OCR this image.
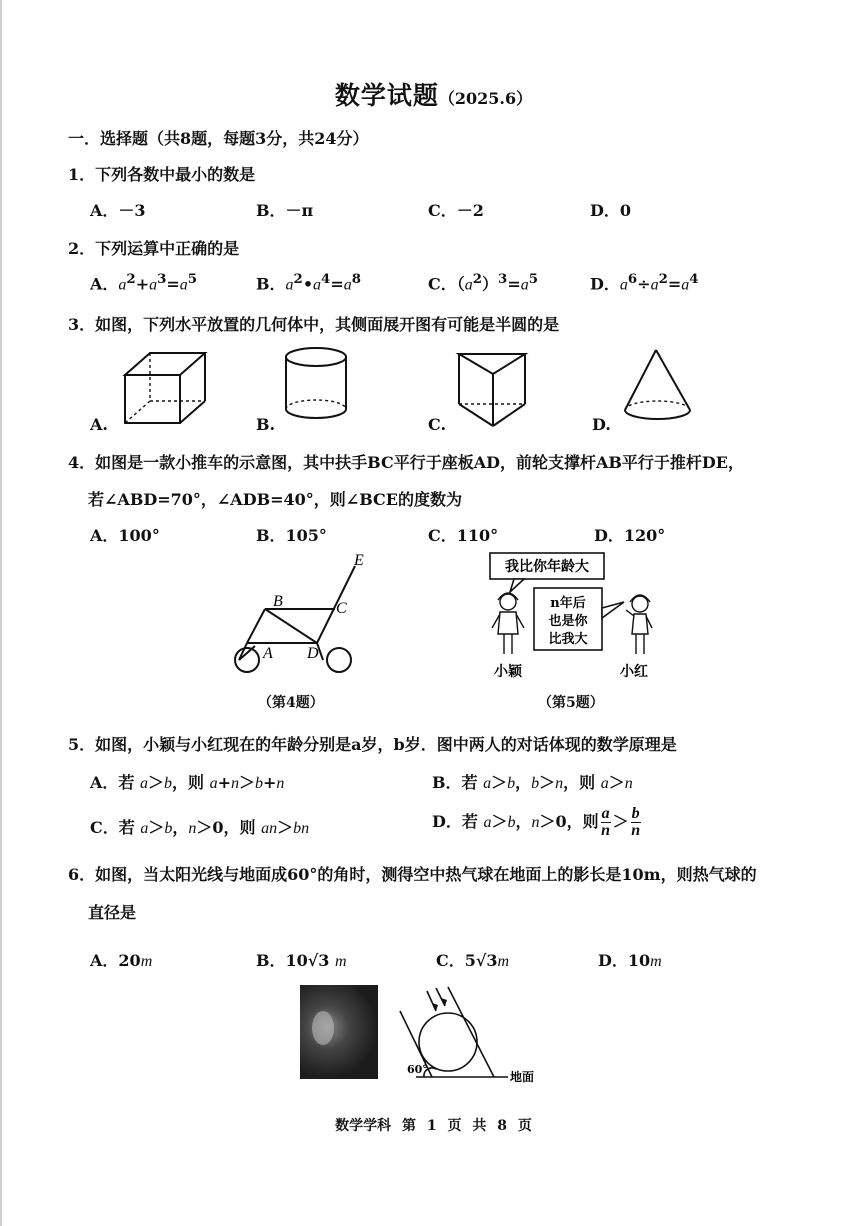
数学试题（2025.6）
一．选择题（共8题，每题3分，共24分）
1．下列各数中最小的数是
A．－3	B．－π	C．－2	D．0
2．下列运算中正确的是
A．$a^2+a^3=a^5$	B．$a^2•a^4=a^8$	C．$(a^2)^3=a^5$	D．$a^6\div a^2=a^4$
3．如图，下列水平放置的几何体中，其侧面展开图有可能是半圆的是
A.	B.	C.	D.
4．如图是一款小推车的示意图，其中扶手BC平行于座板AD，前轮支撑杆AB平行于推杆DE，
若∠ABD=70°，∠ADB=40°，则∠BCE的度数为
A．100°	B．105°	C．110°	D．120°
B	C
A D
E
（第4题）
我比你年龄大
n年后
也是你
比我大
小颖	小红
（第5题）
5．如图，小颖与小红现在的年龄分别是a岁，b岁．图中两人的对话体现的数学原理是
A．若 a＞b，则 a+n＞b+n	B．若 a＞b，b＞n，则 a＞n
C．若 a＞b，n＞0，则 an＞bn	D．若 a＞b，n＞0，则 $\frac{a}{n} > \frac{b}{n}$
6．如图，当太阳光线与地面成60°的角时，测得空中热气球在地面上的影长是10m，则热气球的
直径是
A．20m	B．10√3 m	C．5√3m	D．10m
60°
地面
数学学科 第 1 页 共 8 页
